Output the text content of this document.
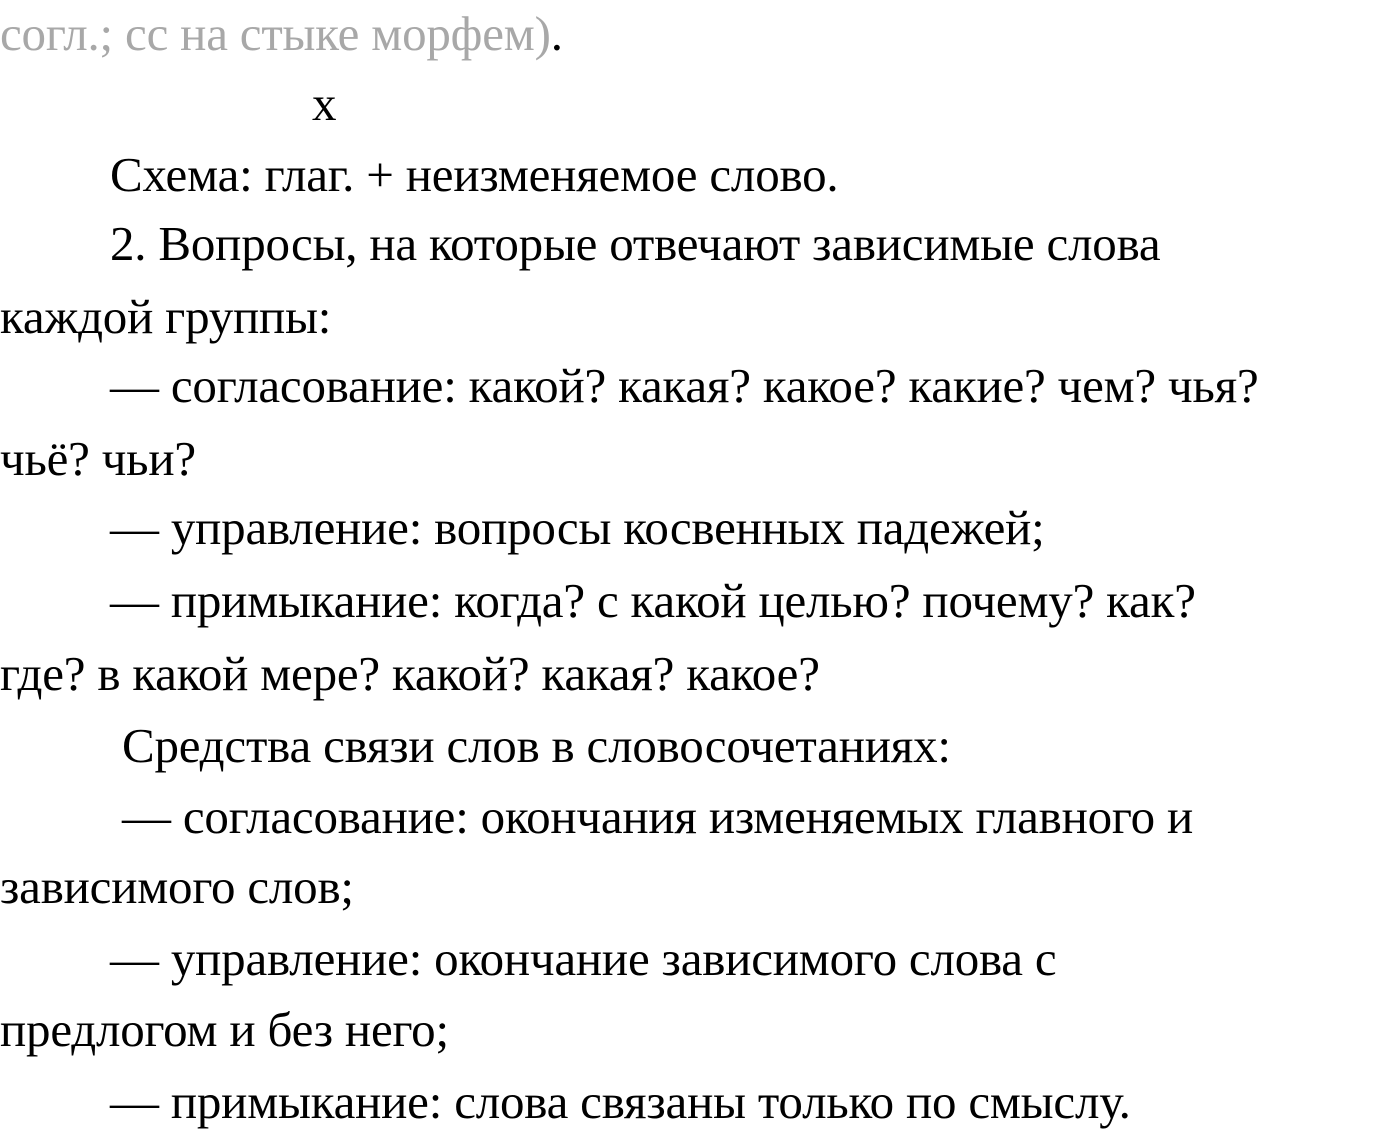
согл.; сс на стыке морфем).
х
Схема: глаг. + неизменяемое слово.
2. Вопросы, на которые отвечают зависимые слова
каждой группы:
— согласование: какой? какая? какое? какие? чем? чья?
чьё? чьи?
— управление: вопросы косвенных падежей;
— примыкание: когда? с какой целью? почему? как?
где? в какой мере? какой? какая? какое?
Средства связи слов в словосочетаниях:
— согласование: окончания изменяемых главного и
зависимого слов;
— управление: окончание зависимого слова с
предлогом и без него;
— примыкание: слова связаны только по смыслу.
